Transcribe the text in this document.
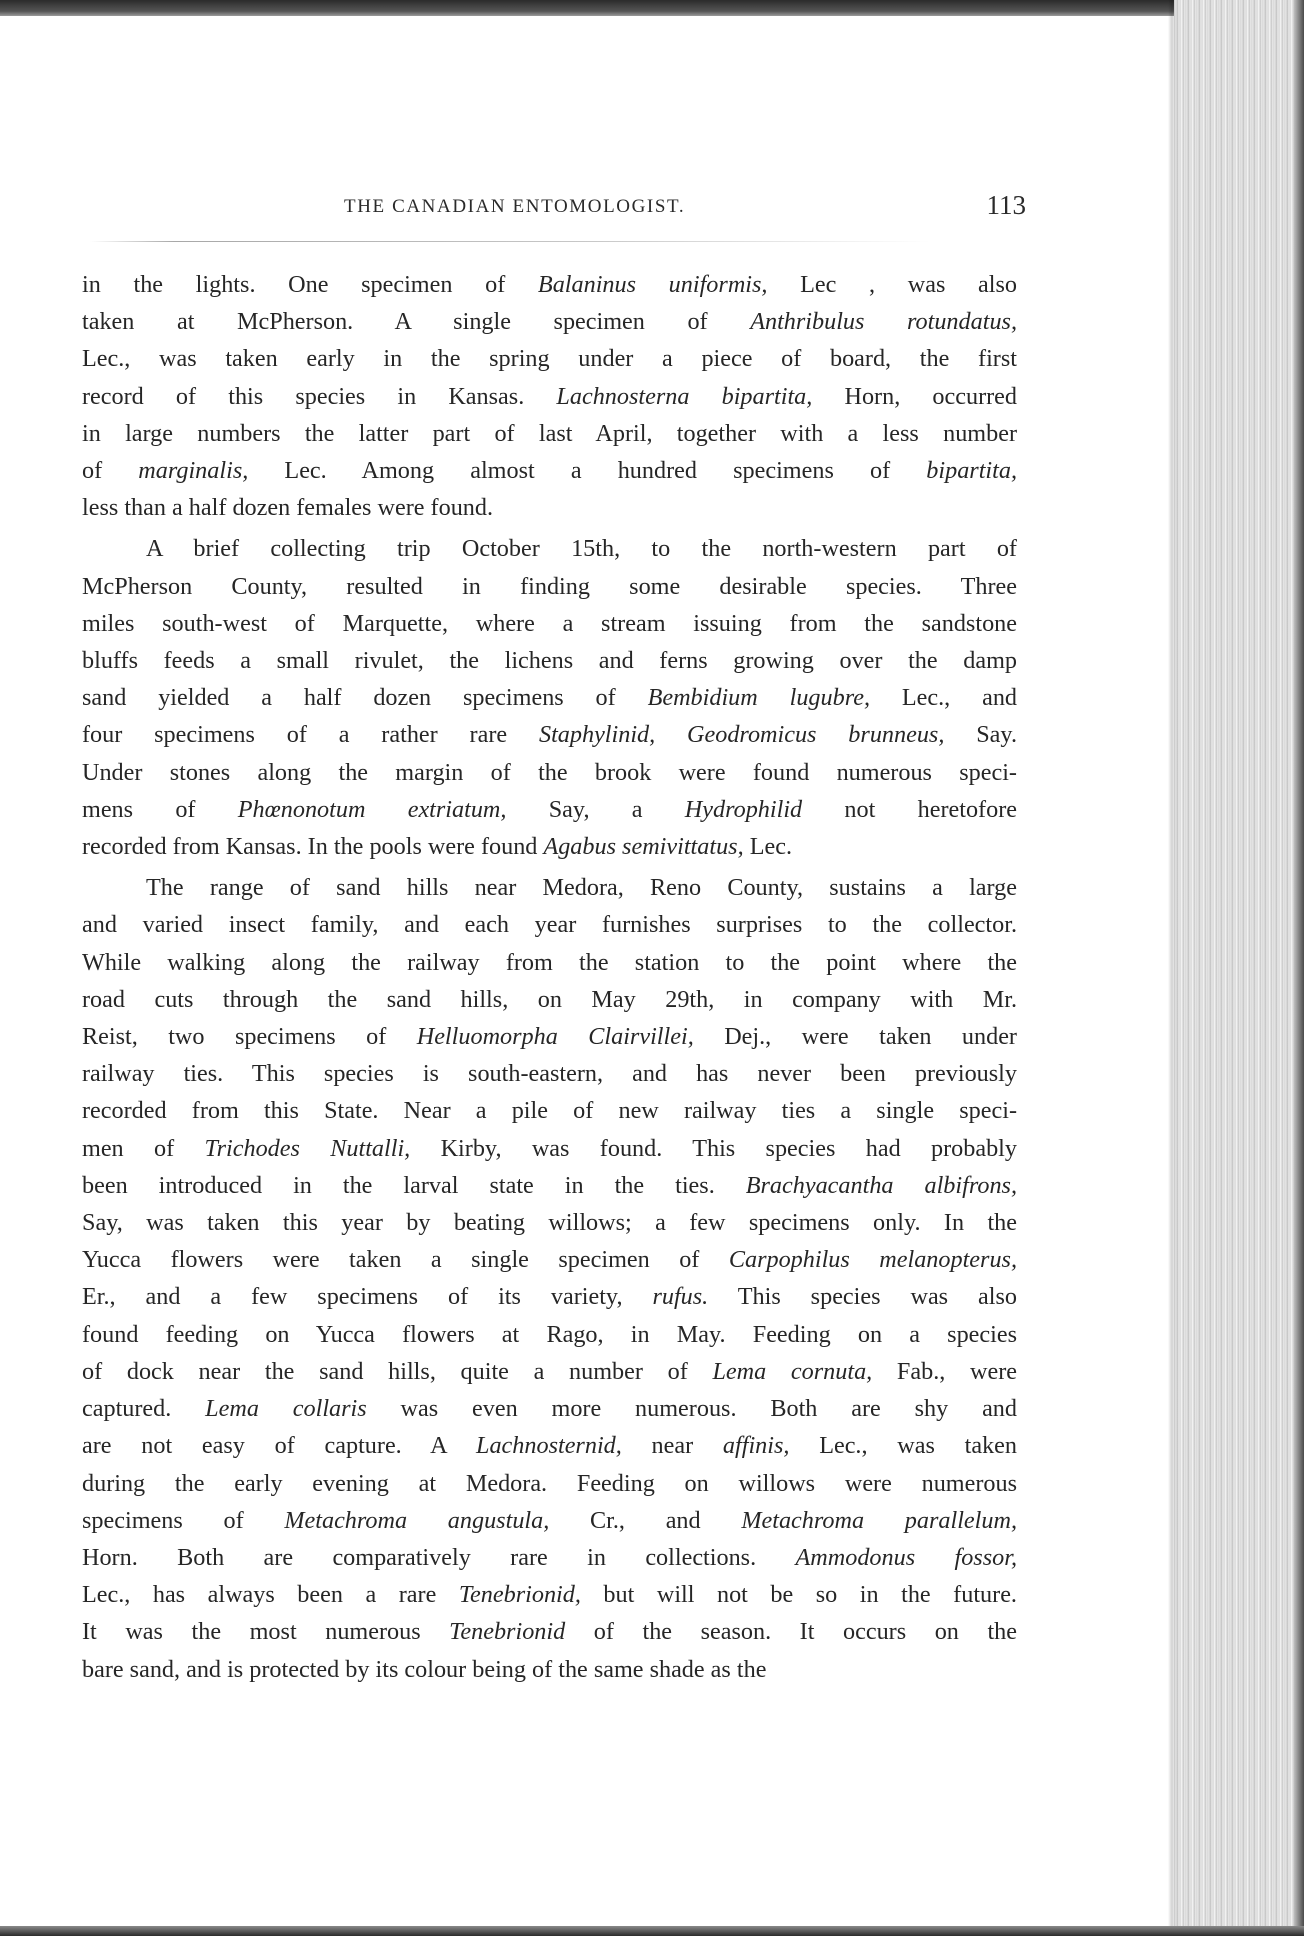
THE CANADIAN ENTOMOLOGIST.	113
in the lights. One specimen of Balaninus uniformis, Lec , was also
taken at McPherson. A single specimen of Anthribulus rotundatus,
Lec., was taken early in the spring under a piece of board, the first
record of this species in Kansas. Lachnosterna bipartita, Horn, occurred
in large numbers the latter part of last April, together with a less number
of marginalis, Lec. Among almost a hundred specimens of bipartita,
less than a half dozen females were found.
A brief collecting trip October 15th, to the north-western part of
McPherson County, resulted in finding some desirable species. Three
miles south-west of Marquette, where a stream issuing from the sandstone
bluffs feeds a small rivulet, the lichens and ferns growing over the damp
sand yielded a half dozen specimens of Bembidium lugubre, Lec., and
four specimens of a rather rare Staphylinid, Geodromicus brunneus, Say.
Under stones along the margin of the brook were found numerous speci-
mens of Phœnonotum extriatum, Say, a Hydrophilid not heretofore
recorded from Kansas. In the pools were found Agabus semivittatus, Lec.
The range of sand hills near Medora, Reno County, sustains a large
and varied insect family, and each year furnishes surprises to the collector.
While walking along the railway from the station to the point where the
road cuts through the sand hills, on May 29th, in company with Mr.
Reist, two specimens of Helluomorpha Clairvillei, Dej., were taken under
railway ties. This species is south-eastern, and has never been previously
recorded from this State. Near a pile of new railway ties a single speci-
men of Trichodes Nuttalli, Kirby, was found. This species had probably
been introduced in the larval state in the ties. Brachyacantha albifrons,
Say, was taken this year by beating willows; a few specimens only. In the
Yucca flowers were taken a single specimen of Carpophilus melanopterus,
Er., and a few specimens of its variety, rufus. This species was also
found feeding on Yucca flowers at Rago, in May. Feeding on a species
of dock near the sand hills, quite a number of Lema cornuta, Fab., were
captured. Lema collaris was even more numerous. Both are shy and
are not easy of capture. A Lachnosternid, near affinis, Lec., was taken
during the early evening at Medora. Feeding on willows were numerous
specimens of Metachroma angustula, Cr., and Metachroma parallelum,
Horn. Both are comparatively rare in collections. Ammodonus fossor,
Lec., has always been a rare Tenebrionid, but will not be so in the future.
It was the most numerous Tenebrionid of the season. It occurs on the
bare sand, and is protected by its colour being of the same shade as the
